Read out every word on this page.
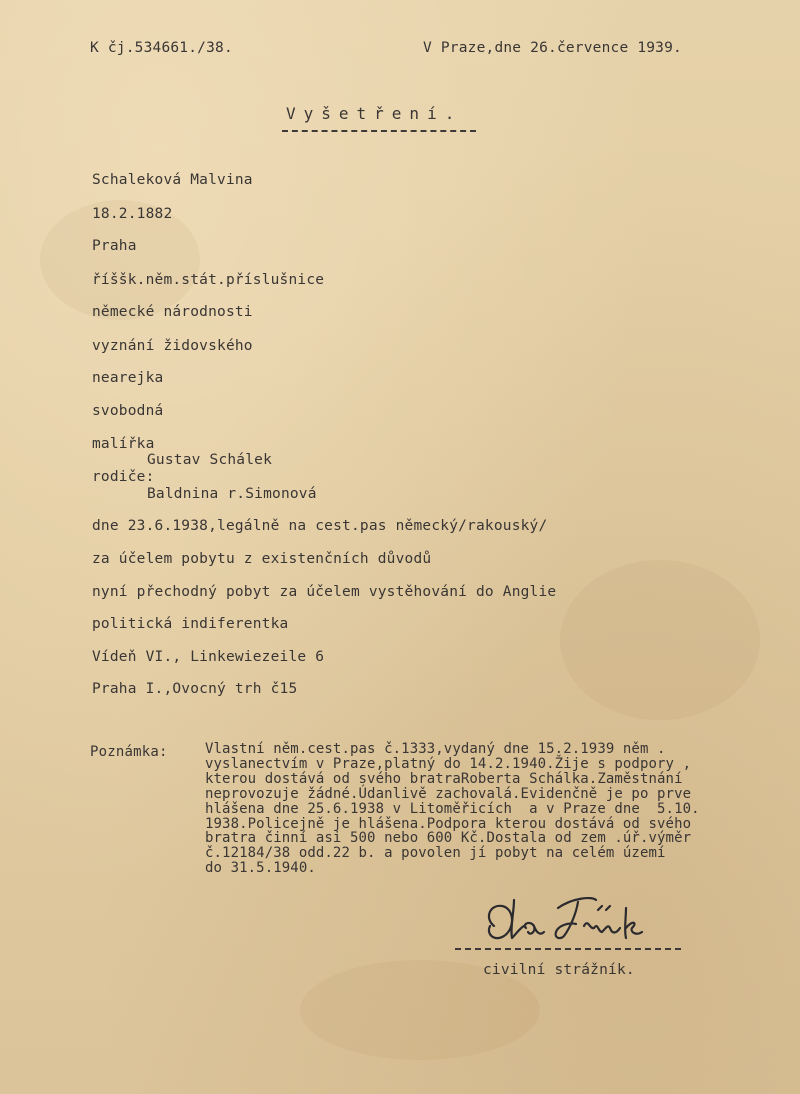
K čj.534661./38.	V Praze,dne 26.července 1939.
Vyšetření.
Schaleková Malvina
18.2.1882
Praha
říššk.něm.stát.příslušnice
německé národnosti
vyznání židovského
nearejka
svobodná
malířka
Gustav Schálek
rodiče:
Baldnina r.Simonová
dne 23.6.1938,legálně na cest.pas německý/rakouský/
za účelem pobytu z existenčních důvodů
nyní přechodný pobyt za účelem vystěhování do Anglie
politická indiferentka
Vídeň VI., Linkewiezeile 6
Praha I.,Ovocný trh č15
Poznámka:	Vlastní něm.cest.pas č.1333,vydaný dne 15.2.1939 něm .
vyslanectvím v Praze,platný do 14.2.1940.Žije s podpory ,
kterou dostává od svého bratraRoberta Schálka.Zaměstnání
neprovozuje žádné.Údanlivě zachovalá.Evidenčně je po prve
hlášena dne 25.6.1938 v Litoměřicích  a v Praze dne  5.10.
1938.Policejně je hlášena.Podpora kterou dostává od svého
bratra činní asi 500 nebo 600 Kč.Dostala od zem .úř.výměr
č.12184/38 odd.22 b. a povolen jí pobyt na celém území
do 31.5.1940.
civilní strážník.
